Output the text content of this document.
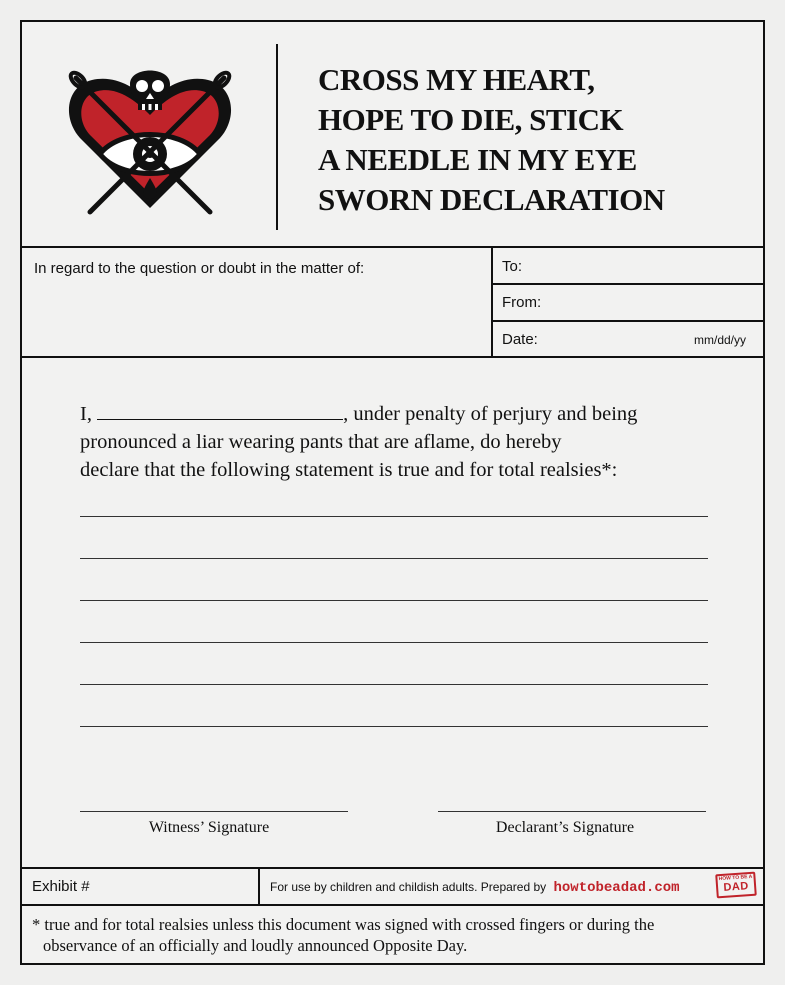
CROSS MY HEART,
HOPE TO DIE, STICK
A NEEDLE IN MY EYE
SWORN DECLARATION
In regard to the question or doubt in the matter of:	To:
From:
Date:	mm/dd/yy
I,	, under penalty of perjury and being
pronounced a liar wearing pants that are aflame, do hereby
declare that the following statement is true and for total realsies*:
Witness’ Signature	Declarant’s Signature
Exhibit #	For use by children and childish adults. Prepared by howtobeadad.com
HOW TO BE A
DAD
* true and for total realsies unless this document was signed with crossed fingers or during the
observance of an officially and loudly announced Opposite Day.
